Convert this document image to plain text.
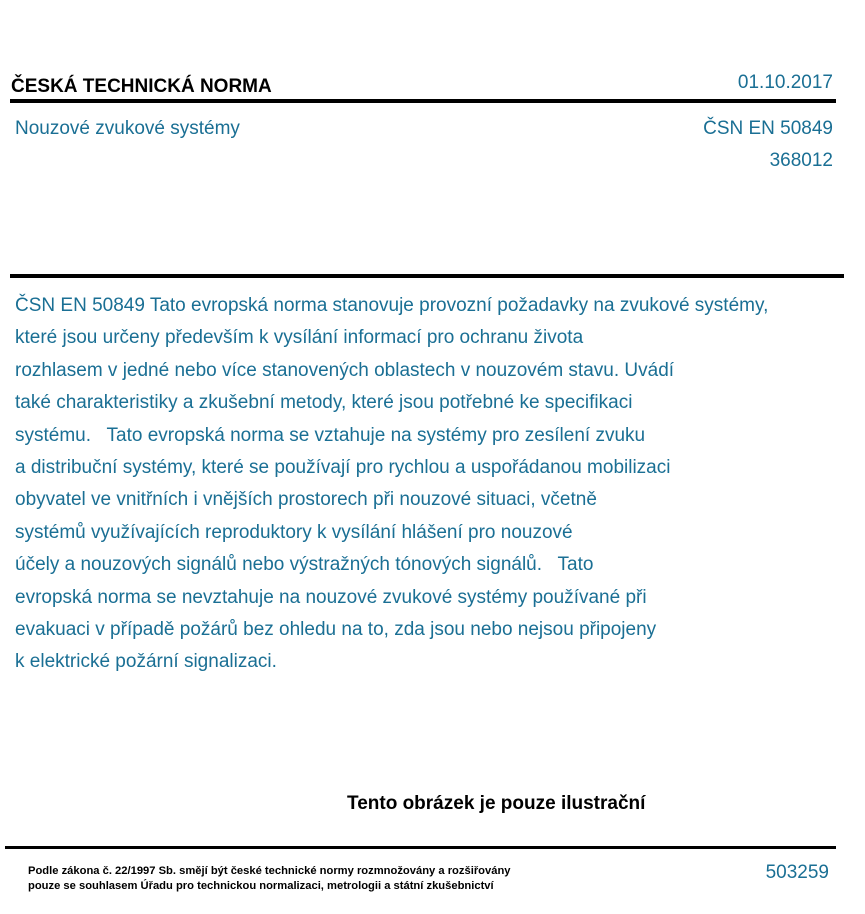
ČESKÁ TECHNICKÁ NORMA	01.10.2017
Nouzové zvukové systémy	ČSN EN 50849
368012
ČSN EN 50849 Tato evropská norma stanovuje provozní požadavky na zvukové systémy,
které jsou určeny především k vysílání informací pro ochranu života
rozhlasem v jedné nebo více stanovených oblastech v nouzovém stavu. Uvádí
také charakteristiky a zkušební metody, které jsou potřebné ke specifikaci
systému.   Tato evropská norma se vztahuje na systémy pro zesílení zvuku
a distribuční systémy, které se používají pro rychlou a uspořádanou mobilizaci
obyvatel ve vnitřních i vnějších prostorech při nouzové situaci, včetně
systémů využívajících reproduktory k vysílání hlášení pro nouzové
účely a nouzových signálů nebo výstražných tónových signálů.   Tato
evropská norma se nevztahuje na nouzové zvukové systémy používané při
evakuaci v případě požárů bez ohledu na to, zda jsou nebo nejsou připojeny
k elektrické požární signalizaci.
Tento obrázek je pouze ilustrační
Podle zákona č. 22/1997 Sb. smějí být české technické normy rozmnožovány a rozšiřovány
pouze se souhlasem Úřadu pro technickou normalizaci, metrologii a státní zkušebnictví
503259
